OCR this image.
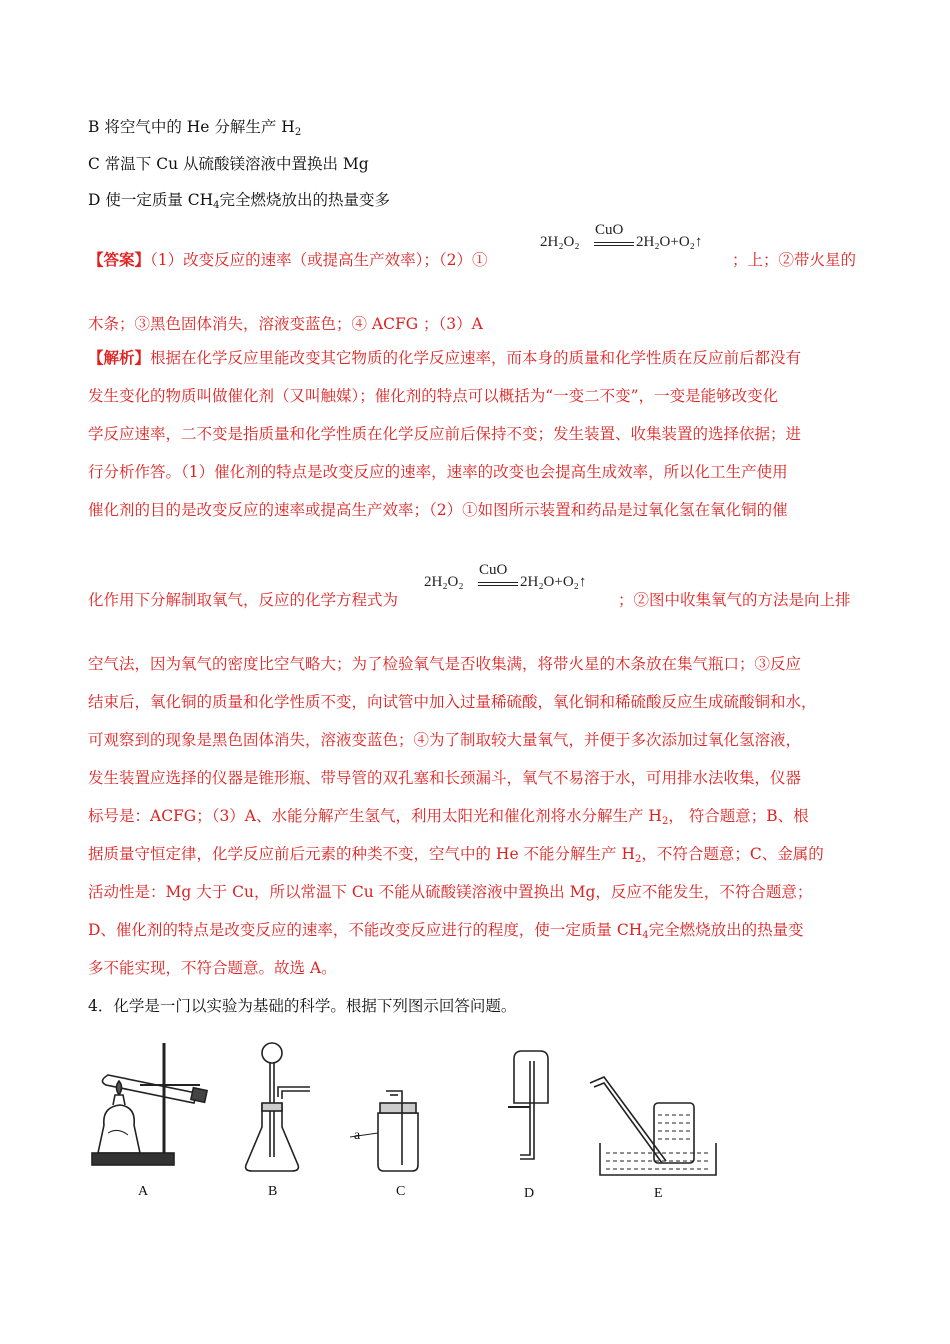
B 将空气中的 He 分解生产 $H_2$
C 常温下 Cu 从硫酸镁溶液中置换出 Mg
D 使一定质量 $CH_4$完全燃烧放出的热量变多
【答案】（1）改变反应的速率（或提高生产效率）；（2）①
CuO
2H₂O₂	2H₂O+O₂↑
；上；②带火星的
木条；③黑色固体消失，溶液变蓝色；④ ACFG ；（3）A
【解析】根据在化学反应里能改变其它物质的化学反应速率，而本身的质量和化学性质在反应前后都没有
发生变化的物质叫做催化剂（又叫触媒）；催化剂的特点可以概括为“一变二不变”，一变是能够改变化
学反应速率，二不变是指质量和化学性质在化学反应前后保持不变；发生装置、收集装置的选择依据；进
行分析作答。（1）催化剂的特点是改变反应的速率，速率的改变也会提高生成效率，所以化工生产使用
催化剂的目的是改变反应的速率或提高生产效率；（2）①如图所示装置和药品是过氧化氢在氧化铜的催
化作用下分解制取氧气，反应的化学方程式为
CuO
2H₂O₂	2H₂O+O₂↑
；②图中收集氧气的方法是向上排
空气法，因为氧气的密度比空气略大；为了检验氧气是否收集满，将带火星的木条放在集气瓶口；③反应
结束后，氧化铜的质量和化学性质不变，向试管中加入过量稀硫酸，氧化铜和稀硫酸反应生成硫酸铜和水，
可观察到的现象是黑色固体消失，溶液变蓝色；④为了制取较大量氧气，并便于多次添加过氧化氢溶液，
发生装置应选择的仪器是锥形瓶、带导管的双孔塞和长颈漏斗，氧气不易溶于水，可用排水法收集，仪器
标号是：ACFG；（3）A、水能分解产生氢气，利用太阳光和催化剂将水分解生产 $H_2$， 符合题意；B、根
据质量守恒定律，化学反应前后元素的种类不变，空气中的 He 不能分解生产 $H_2$，不符合题意；C、金属的
活动性是：Mg 大于 Cu，所以常温下 Cu 不能从硫酸镁溶液中置换出 Mg，反应不能发生，不符合题意；
D、催化剂的特点是改变反应的速率，不能改变反应进行的程度，使一定质量 $CH_4$完全燃烧放出的热量变
多不能实现，不符合题意。故选 A。
4．化学是一门以实验为基础的科学。根据下列图示回答问题。
A	B	C	D	E
a
